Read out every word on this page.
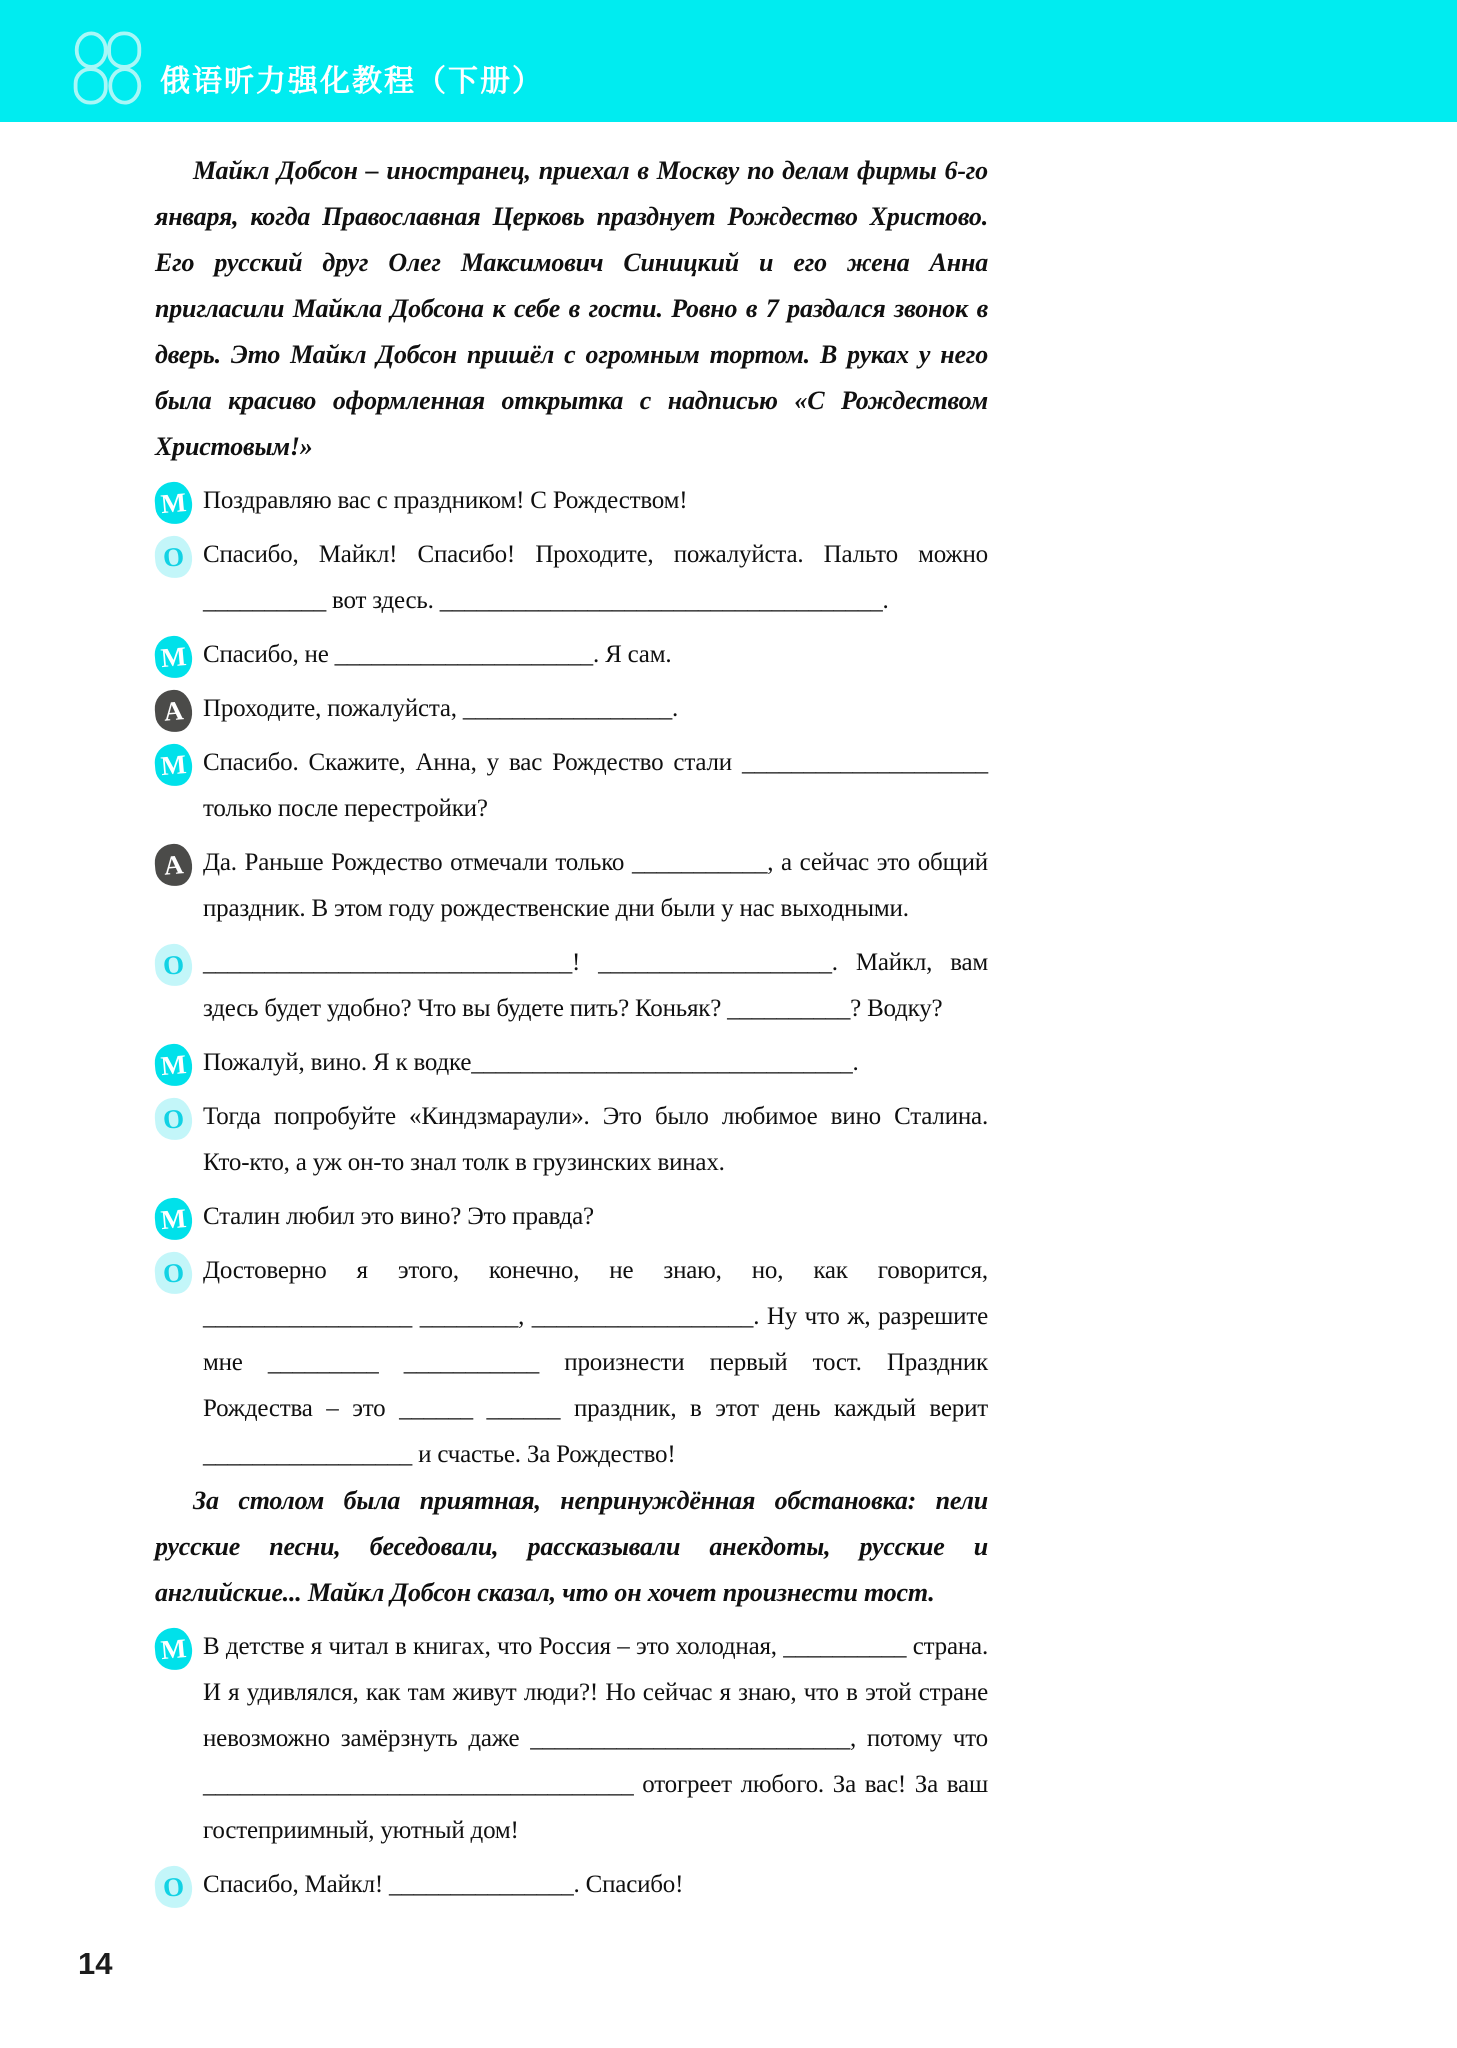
俄语听力强化教程（下册）

Майкл Добсон – иностранец, приехал в Москву по делам фирмы 6-го января, когда Православная Церковь празднует Рождество Христово. Его русский друг Олег Максимович Синицкий и его жена Анна пригласили Майкла Добсона к себе в гости. Ровно в 7 раздался звонок в дверь. Это Майкл Добсон пришёл с огромным тортом. В руках у него была красиво оформленная открытка с надписью «С Рождеством Христовым!»

М Поздравляю вас с праздником! С Рождеством!
О Спасибо, Майкл! Спасибо! Проходите, пожалуйста. Пальто можно __________ вот здесь. ____________________________________.
М Спасибо, не _____________________. Я сам.
А Проходите, пожалуйста, _________________.
М Спасибо. Скажите, Анна, у вас Рождество стали ____________________ только после перестройки?
А Да. Раньше Рождество отмечали только ___________, а сейчас это общий праздник. В этом году рождественские дни были у нас выходными.
О ______________________________! ___________________. Майкл, вам здесь будет удобно? Что вы будете пить? Коньяк? __________? Водку?
М Пожалуй, вино. Я к водке_______________________________.
О Тогда попробуйте «Киндзмараули». Это было любимое вино Сталина. Кто-кто, а уж он-то знал толк в грузинских винах.
М Сталин любил это вино? Это правда?
О Достоверно я этого, конечно, не знаю, но, как говорится, _________________ ________, __________________. Ну что ж, разрешите мне _________ ___________ произнести первый тост. Праздник Рождества – это ______ ______ праздник, в этот день каждый верит _________________ и счастье. За Рождество!

За столом была приятная, непринуждённая обстановка: пели русские песни, беседовали, рассказывали анекдоты, русские и английские... Майкл Добсон сказал, что он хочет произнести тост.

М В детстве я читал в книгах, что Россия – это холодная, __________ страна. И я удивлялся, как там живут люди?! Но сейчас я знаю, что в этой стране невозможно замёрзнуть даже __________________________, потому что ___________________________________ отогреет любого. За вас! За ваш гостеприимный, уютный дом!
О Спасибо, Майкл! _______________. Спасибо!
14
